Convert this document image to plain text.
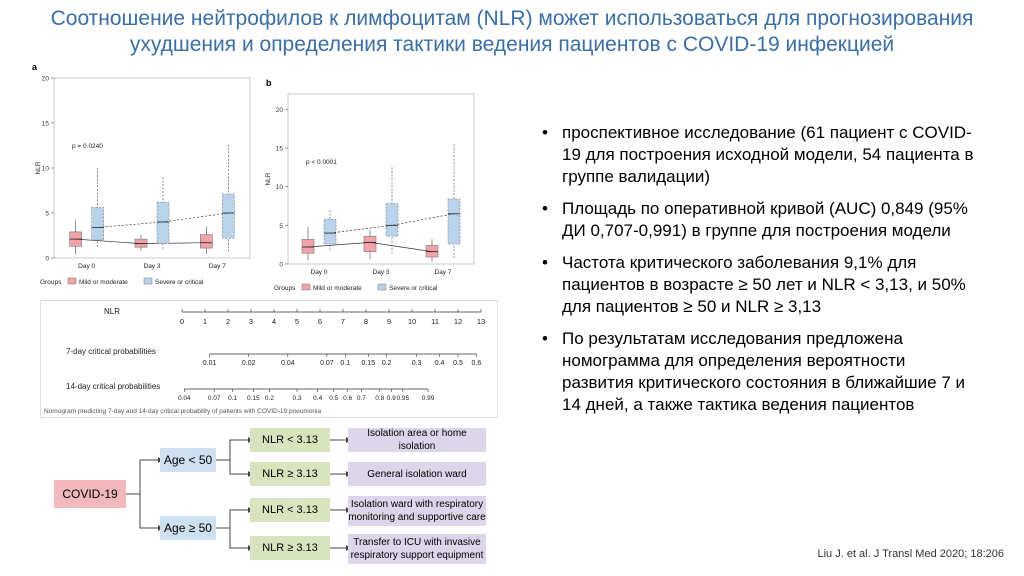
Соотношение нейтрофилов к лимфоцитам (NLR) может использоваться для прогнозирования
ухудшения и определения тактики ведения пациентов с COVID-19 инфекцией
a
0
5
10
15
20
NLR
p = 0.0240
Day 0	Day 3	Day 7
Groups	Mild or moderate	Severe or critical
b
0
5
10
15
20
NLR
p < 0.0001
Day 0	Day 3	Day 7
Groups	Mild or moderate	Severe or critical
NLR
0	1	2	3	4	5	6	7	8	9 10 11 12 13
7-day critical probabilities
0.01	0.02	0.04	0.07 0.1 0.15 0.2	0.3 0.4 0.5 0.6
14-day critical probabilities
0.04	0.07 0.1 0.15 0.2	0.3 0.4 0.5 0.6 0.7 0.8 0.9 0.95 0.99
Nomogram predicting 7-day and 14-day critical probability of patients with COVID-19 pneumonia
COVID-19
Age < 50
Age ≥ 50
NLR < 3.13
NLR ≥ 3.13
NLR < 3.13
NLR ≥ 3.13
Isolation area or home isolation
General isolation ward
Isolation ward with respiratory monitoring and supportive care
Transfer to ICU with invasive respiratory support equipment
• проспективное исследование (61 пациент с COVID-19 для построения исходной модели, 54 пациента в группе валидации)
• Площадь по оперативной кривой (AUC) 0,849 (95% ДИ 0,707-0,991) в группе для построения модели
• Частота критического заболевания 9,1% для пациентов в возрасте ≥ 50 лет и NLR < 3,13, и 50% для пациентов ≥ 50 и NLR ≥ 3,13
• По результатам исследования предложена номограмма для определения вероятности развития критического состояния в ближайшие 7 и 14 дней, а также тактика ведения пациентов
Liu J. et al. J Transl Med 2020; 18:206
